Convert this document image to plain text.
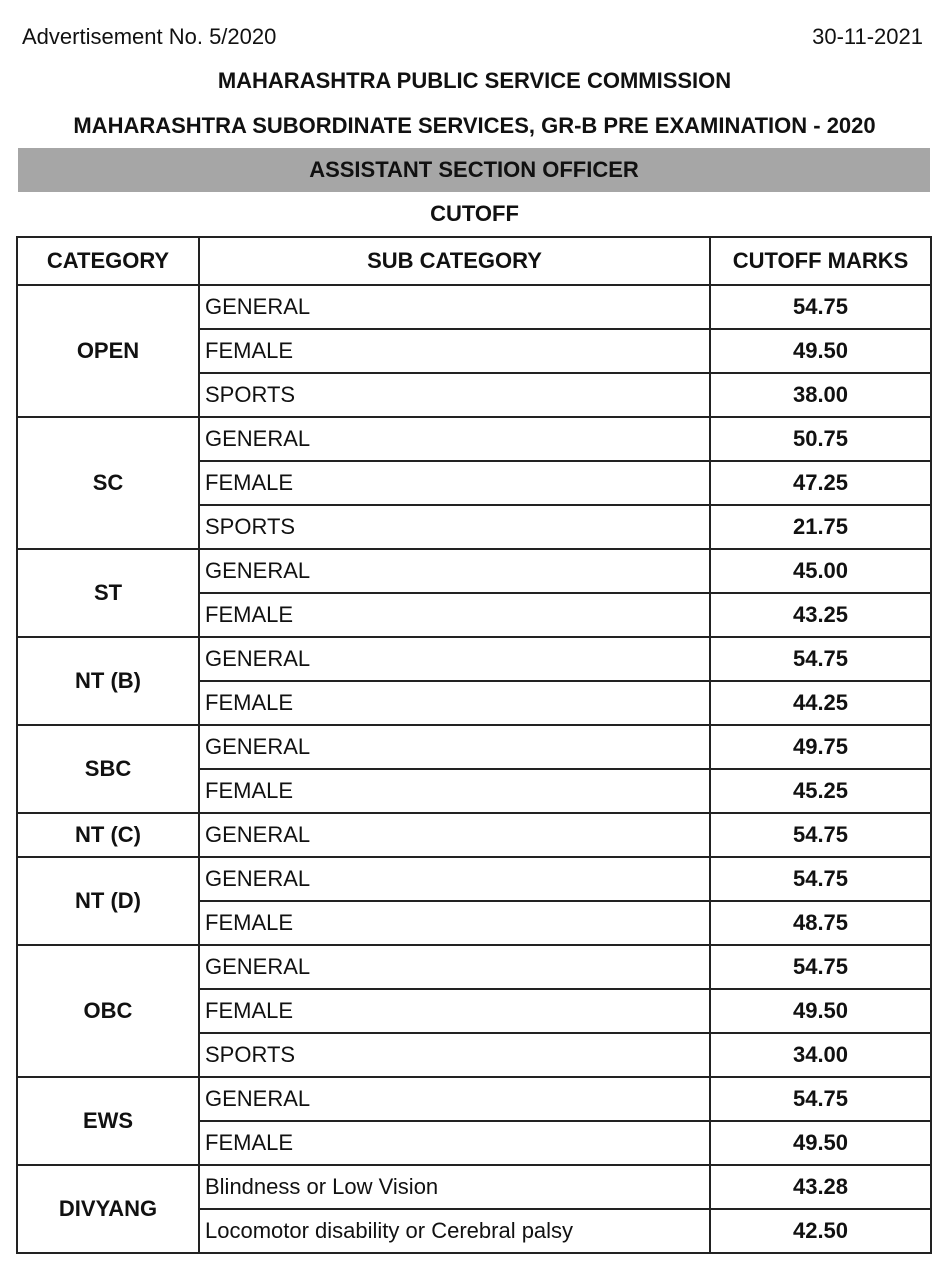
Advertisement No. 5/2020	30-11-2021
MAHARASHTRA PUBLIC SERVICE COMMISSION
MAHARASHTRA SUBORDINATE SERVICES, GR-B PRE EXAMINATION - 2020
ASSISTANT SECTION OFFICER
CUTOFF
CATEGORY	SUB CATEGORY	CUTOFF MARKS
OPEN	GENERAL	54.75
	FEMALE	49.50
	SPORTS	38.00
SC	GENERAL	50.75
	FEMALE	47.25
	SPORTS	21.75
ST	GENERAL	45.00
	FEMALE	43.25
NT (B)	GENERAL	54.75
	FEMALE	44.25
SBC	GENERAL	49.75
	FEMALE	45.25
NT (C)	GENERAL	54.75
NT (D)	GENERAL	54.75
	FEMALE	48.75
OBC	GENERAL	54.75
	FEMALE	49.50
	SPORTS	34.00
EWS	GENERAL	54.75
	FEMALE	49.50
DIVYANG	Blindness or Low Vision	43.28
	Locomotor disability or Cerebral palsy	42.50
